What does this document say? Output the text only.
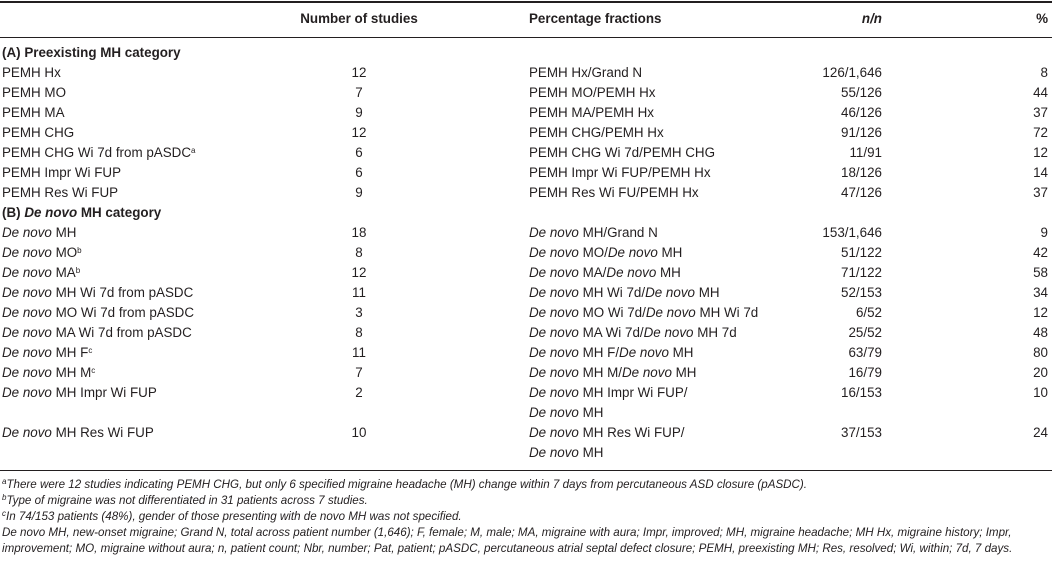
Number of studies	Percentage fractions	n/n	%
(A) Preexisting MH category
PEMH Hx	12	PEMH Hx/Grand N	126/1,646	8
PEMH MO	7	PEMH MO/PEMH Hx	55/126	44
PEMH MA	9	PEMH MA/PEMH Hx	46/126	37
PEMH CHG	12	PEMH CHG/PEMH Hx	91/126	72
PEMH CHG Wi 7d from pASDC$^a$	6	PEMH CHG Wi 7d/PEMH CHG	11/91	12
PEMH Impr Wi FUP	6	PEMH Impr Wi FUP/PEMH Hx	18/126	14
PEMH Res Wi FUP	9	PEMH Res Wi FU/PEMH Hx	47/126	37
(B) De novo MH category
De novo MH	18	De novo MH/Grand N	153/1,646	9
De novo $MO^b$	8	De novo MO/De novo MH	51/122	42
De novo $MA^b$	12	De novo MA/De novo MH	71/122	58
De novo MH Wi 7d from pASDC	11	De novo MH Wi 7d/De novo MH	52/153	34
De novo MO Wi 7d from pASDC	3	De novo MO Wi 7d/De novo MH Wi 7d	6/52	12
De novo MA Wi 7d from pASDC	8	De novo MA Wi 7d/De novo MH 7d	25/52	48
De novo MH $F^c$	11	De novo MH F/De novo MH	63/79	80
De novo MH $M^c$	7	De novo MH M/De novo MH	16/79	20
De novo MH Impr Wi FUP	2	De novo MH Impr Wi FUP/	16/153	10
De novo MH
De novo MH Res Wi FUP	10	De novo MH Res Wi FUP/	37/153	24
De novo MH
$^a$There were 12 studies indicating PEMH CHG, but only 6 specified migraine headache (MH) change within 7 days from percutaneous ASD closure (pASDC).
$^b$Type of migraine was not differentiated in 31 patients across 7 studies.
$^c$In 74/153 patients (48%), gender of those presenting with de novo MH was not specified.
De novo MH, new-onset migraine; Grand N, total across patient number (1,646); F, female; M, male; MA, migraine with aura; Impr, improved; MH, migraine headache; MH Hx, migraine history; Impr, improvement; MO, migraine without aura; n, patient count; Nbr, number; Pat, patient; pASDC, percutaneous atrial septal defect closure; PEMH, preexisting MH; Res, resolved; Wi, within; 7d, 7 days.
